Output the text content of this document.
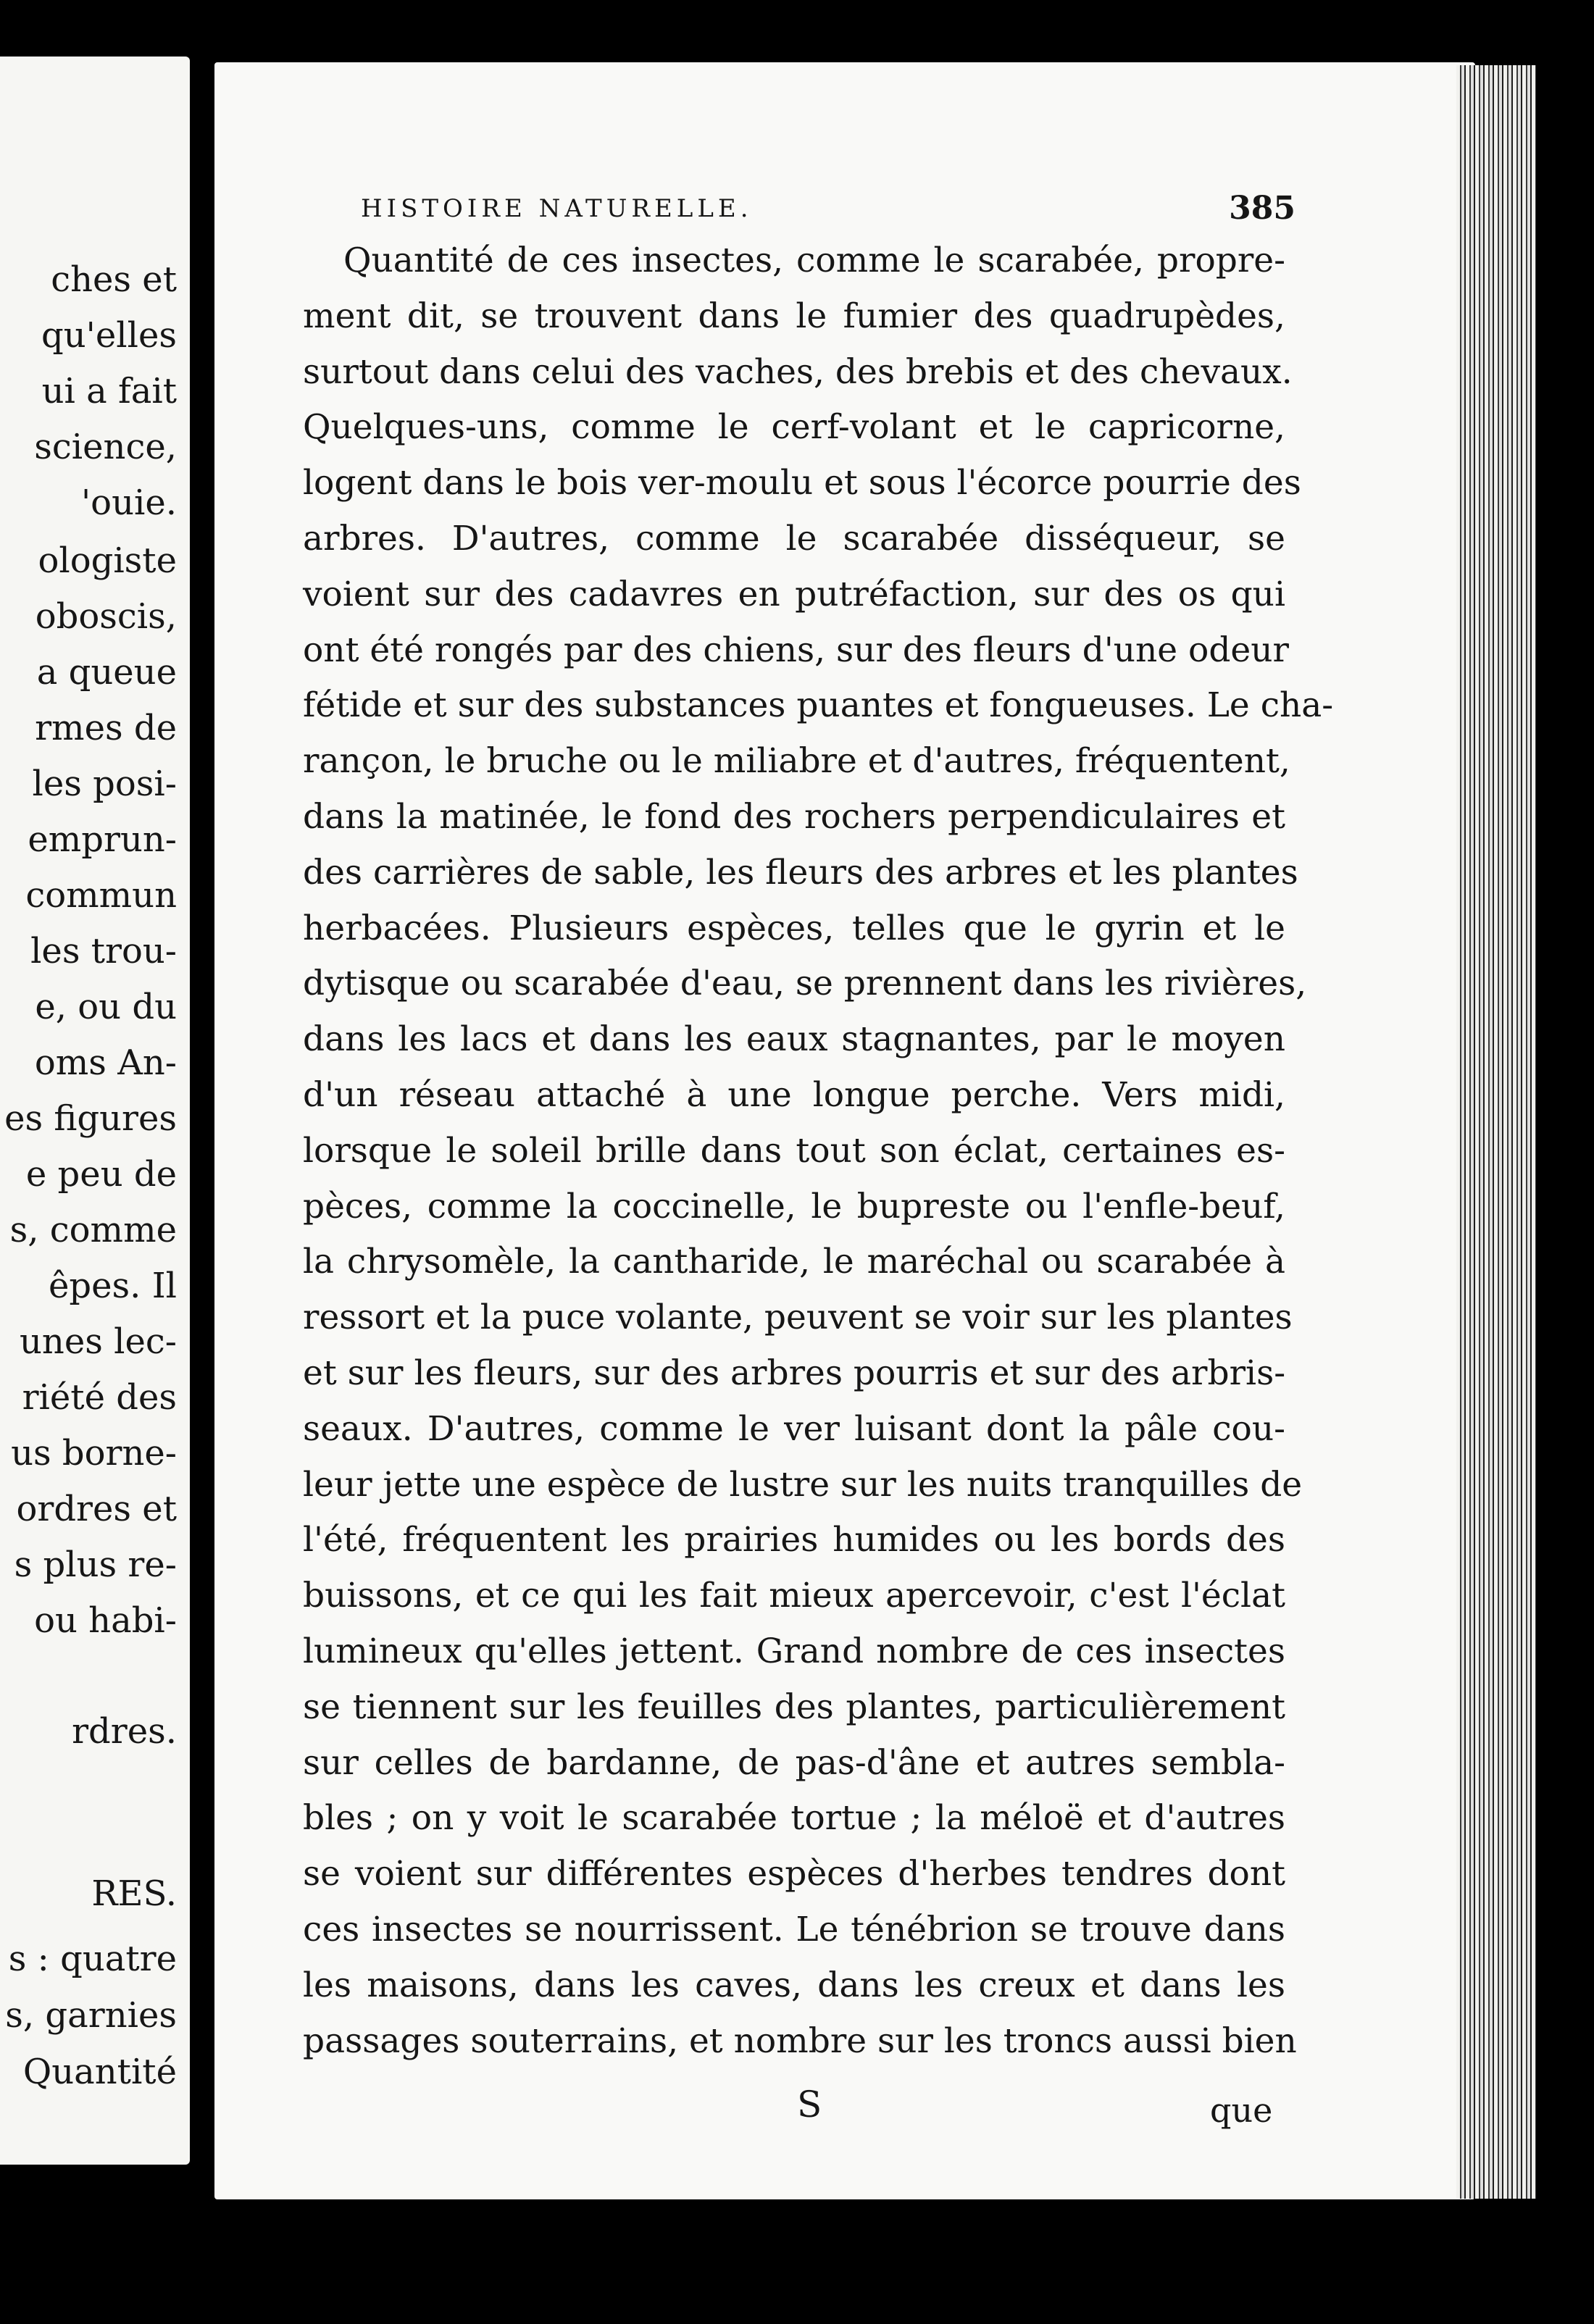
ches et
qu'elles
ui a fait
science,
'ouie.
ologiste
oboscis,
a queue
rmes de
les posi-
emprun-
commun
les trou-
e, ou du
oms An-
es figures
e peu de
s, comme
êpes. Il
unes lec-
riété des
us borne-
ordres et
s plus re-
ou habi-
rdres.
RES.
s : quatre
s, garnies
Quantité
HISTOIRE NATURELLE.	385
Quantité de ces insectes, comme le scarabée, propre-
ment dit, se trouvent dans le fumier des quadrupèdes,
surtout dans celui des vaches, des brebis et des chevaux.
Quelques-uns, comme le cerf-volant et le capricorne,
logent dans le bois ver-moulu et sous l'écorce pourrie des
arbres. D'autres, comme le scarabée disséqueur, se
voient sur des cadavres en putréfaction, sur des os qui
ont été rongés par des chiens, sur des fleurs d'une odeur
fétide et sur des substances puantes et fongueuses. Le cha-
rançon, le bruche ou le miliabre et d'autres, fréquentent,
dans la matinée, le fond des rochers perpendiculaires et
des carrières de sable, les fleurs des arbres et les plantes
herbacées. Plusieurs espèces, telles que le gyrin et le
dytisque ou scarabée d'eau, se prennent dans les rivières,
dans les lacs et dans les eaux stagnantes, par le moyen
d'un réseau attaché à une longue perche. Vers midi,
lorsque le soleil brille dans tout son éclat, certaines es-
pèces, comme la coccinelle, le bupreste ou l'enfle-beuf,
la chrysomèle, la cantharide, le maréchal ou scarabée à
ressort et la puce volante, peuvent se voir sur les plantes
et sur les fleurs, sur des arbres pourris et sur des arbris-
seaux. D'autres, comme le ver luisant dont la pâle cou-
leur jette une espèce de lustre sur les nuits tranquilles de
l'été, fréquentent les prairies humides ou les bords des
buissons, et ce qui les fait mieux apercevoir, c'est l'éclat
lumineux qu'elles jettent. Grand nombre de ces insectes
se tiennent sur les feuilles des plantes, particulièrement
sur celles de bardanne, de pas-d'âne et autres sembla-
bles ; on y voit le scarabée tortue ; la méloë et d'autres
se voient sur différentes espèces d'herbes tendres dont
ces insectes se nourrissent. Le ténébrion se trouve dans
les maisons, dans les caves, dans les creux et dans les
passages souterrains, et nombre sur les troncs aussi bien
S	que
